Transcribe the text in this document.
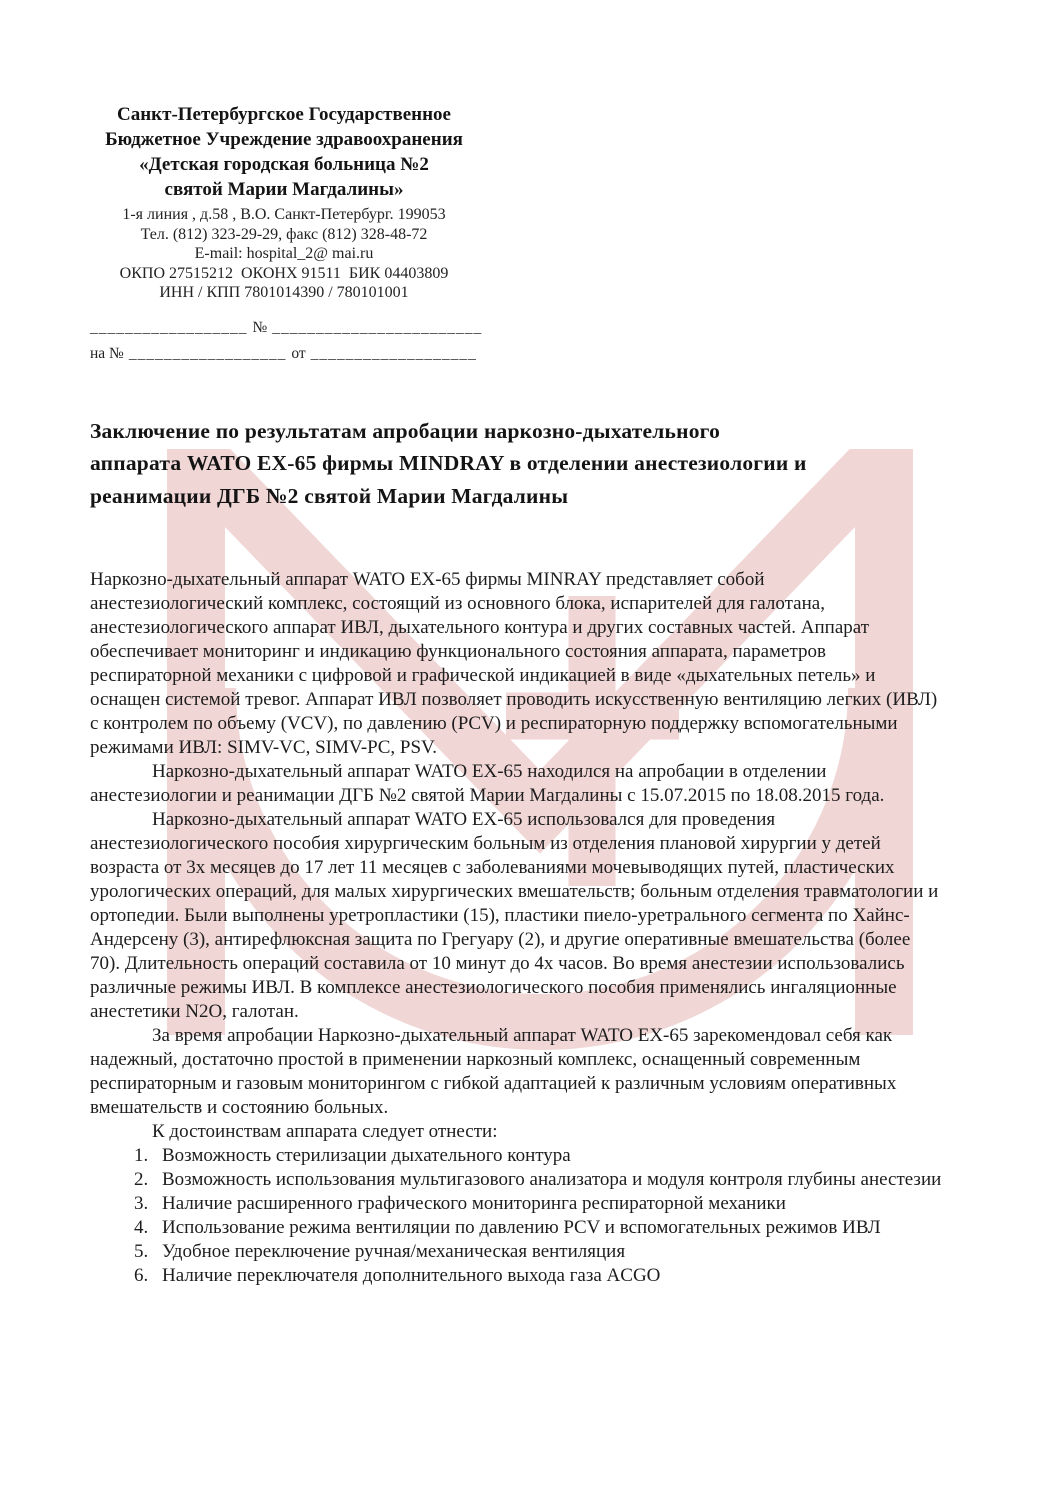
Санкт-Петербургское Государственное
Бюджетное Учреждение здравоохранения
«Детская городская больница №2
святой Марии Магдалины»
1-я линия , д.58 , В.О. Санкт-Петербург. 199053
Тел. (812) 323-29-29, факс (812) 328-48-72
E-mail: hospital_2@ mai.ru
ОКПО 27515212  ОКОНХ 91511  БИК 04403809
ИНН / КПП 7801014390 / 780101001
__________________ № ________________________
на № __________________ от ___________________
Заключение по результатам апробации наркозно-дыхательного
аппарата WATO EX-65 фирмы MINDRAY в отделении анестезиологии и
реанимации ДГБ №2 святой Марии Магдалины

Наркозно-дыхательный аппарат WATO EX-65 фирмы MINRAY представляет собой анестезиологический комплекс, состоящий из основного блока, испарителей для галотана, анестезиологического аппарат ИВЛ, дыхательного контура и других составных частей. Аппарат обеспечивает мониторинг и индикацию функционального состояния аппарата, параметров респираторной механики с цифровой и графической индикацией в виде «дыхательных петель» и оснащен системой тревог. Аппарат ИВЛ позволяет проводить искусственную вентиляцию легких (ИВЛ) с контролем по объему (VCV), по давлению (PCV) и респираторную поддержку вспомогательными режимами ИВЛ: SIMV-VC, SIMV-PC, PSV.

Наркозно-дыхательный аппарат WATO EX-65 находился на апробации в отделении анестезиологии и реанимации ДГБ №2 святой Марии Магдалины с 15.07.2015 по 18.08.2015 года.

Наркозно-дыхательный аппарат WATO EX-65 использовался для проведения анестезиологического пособия хирургическим больным из отделения плановой хирургии у детей возраста от 3х месяцев до 17 лет 11 месяцев с заболеваниями мочевыводящих путей, пластических урологических операций, для малых хирургических вмешательств; больным отделения травматологии и ортопедии. Были выполнены уретропластики (15), пластики пиело-уретрального сегмента по Хайнс-Андерсену (3), антирефлюксная защита по Грегуару (2), и другие оперативные вмешательства (более 70). Длительность операций составила от 10 минут до 4х часов. Во время анестезии использовались различные режимы ИВЛ. В комплексе анестезиологического пособия применялись ингаляционные анестетики N2O, галотан.

За время апробации Наркозно-дыхательный аппарат WATO EX-65 зарекомендовал себя как надежный, достаточно простой в применении наркозный комплекс, оснащенный современным респираторным и газовым мониторингом с гибкой адаптацией к различным условиям оперативных вмешательств и состоянию больных.

К достоинствам аппарата следует отнести:

1. Возможность стерилизации дыхательного контура
2. Возможность использования мультигазового анализатора и модуля контроля глубины анестезии
3. Наличие расширенного графического мониторинга респираторной механики
4. Использование режима вентиляции по давлению PCV и вспомогательных режимов ИВЛ
5. Удобное переключение ручная/механическая вентиляция
6. Наличие переключателя дополнительного выхода газа ACGO
